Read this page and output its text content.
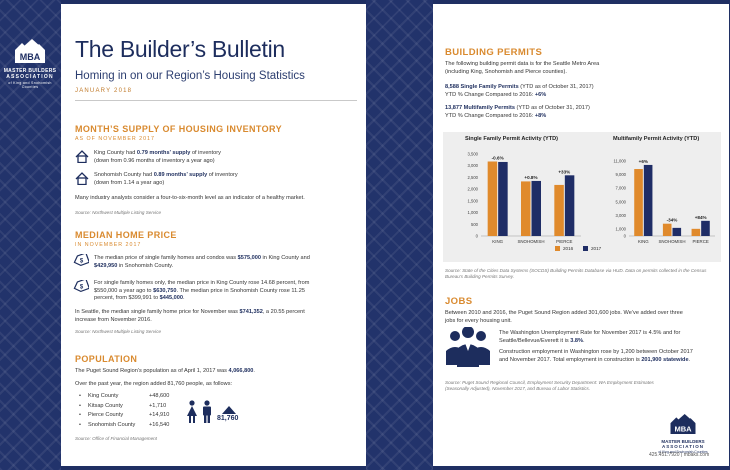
MBA
MASTER BUILDERS
ASSOCIATION
of King and Snohomish Counties
The Builder’s Bulletin
Homing in on our Region’s Housing Statistics
JANUARY 2018
MONTH’S SUPPLY OF HOUSING INVENTORY
AS OF NOVEMBER 2017
King County had 0.79 months’ supply of inventory
(down from 0.96 months of inventory a year ago)
Snohomish County had 0.89 months’ supply of inventory
(down from 1.14 a year ago)
Many industry analysts consider a four-to-six-month level as an indicator of a healthy market.
Source: Northwest Multiple Listing Service
MEDIAN HOME PRICE
IN NOVEMBER 2017
$
The median price of single family homes and condos was $575,000 in King County and
$429,950 in Snohomish County.
$
For single family homes only, the median price in King County rose 14.68 percent, from
$550,000 a year ago to $630,750. The median price in Snohomish County rose 11.25
percent, from $399,991 to $445,000.
In Seattle, the median single family home price for November was $741,352, a 20.55 percent
increase from November 2016.
Source: Northwest Multiple Listing Service
POPULATION
The Puget Sound Region’s population as of April 1, 2017 was 4,066,800.
Over the past year, the region added 81,760 people, as follows:
81,760
Source: Office of Financial Management
• King County	+48,600
• Kitsap County	+1,710
• Pierce County	+14,910
• Snohomish County +16,540
BUILDING PERMITS
The following building permit data is for the Seattle Metro Area
(including King, Snohomish and Pierce counties).
8,588 Single Family Permits (YTD as of October 31, 2017)
YTD % Change Compared to 2016: +6%
13,877 Multifamily Permits (YTD as of October 31, 2017)
YTD % Change Compared to 2016: +8%
Single Family Permit Activity (YTD)	Multifamily Permit Activity (YTD)
0
500
1,000
1,500
2,000
2,500
3,000
3,500
-0.6%
KING
+0.8%
SNOHOMISH
+33%
PIERCE
0
1,000
3,000
5,000
7,000
9,000
11,000	+6%
KING
-34%
SNOHOMISH
+84%
PIERCE
2016	2017
Source: State of the Cities Data Systems (SOCDS) Building Permits Database via HUD. Data on permits collected in the Census
Bureau’s Building Permits Survey.
JOBS
Between 2010 and 2016, the Puget Sound Region added 301,600 jobs. We’ve added over three
jobs for every housing unit.
The Washington Unemployment Rate for November 2017 is 4.5% and for
Seattle/Bellevue/Everett it is 3.8%.
Construction employment in Washington rose by 1,200 between October 2017
and November 2017. Total employment in construction is 201,900 statewide.
Source: Puget Sound Regional Council, Employment Security Department: WA Employment Estimates
(Seasonally Adjusted), November 2017, and Bureau of Labor Statistics.
MBA
MASTER BUILDERS
ASSOCIATION
of King and Snohomish Counties
425.451.7920 | mbaks.com
